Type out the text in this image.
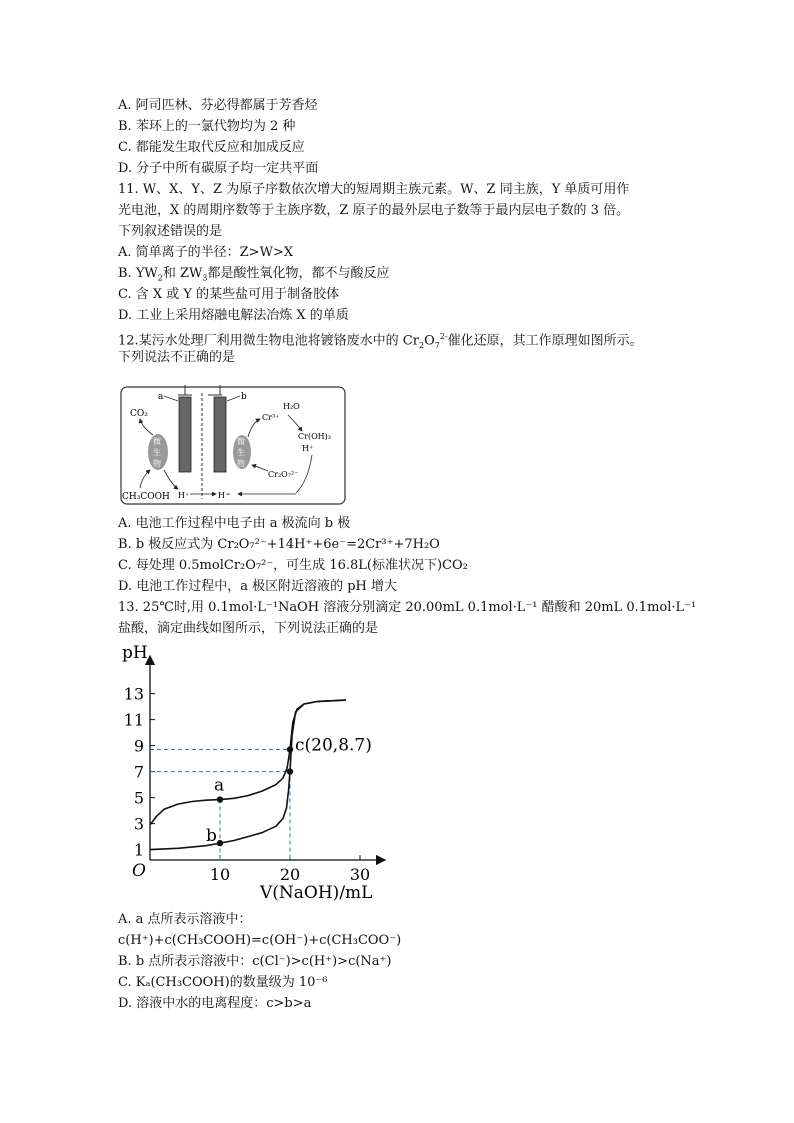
A. 阿司匹林、芬必得都属于芳香烃
B. 苯环上的一氯代物均为 2 种
C. 都能发生取代反应和加成反应
D. 分子中所有碳原子均一定共平面
11. W、X、Y、Z 为原子序数依次增大的短周期主族元素。W、Z 同主族，Y 单质可用作
光电池，X 的周期序数等于主族序数，Z 原子的最外层电子数等于最内层电子数的 3 倍。
下列叙述错误的是
A. 简单离子的半径：Z>W>X
B. $YW_2$和 $ZW_3$都是酸性氧化物，都不与酸反应
C. 含 X 或 Y 的某些盐可用于制备胶体
D. 工业上采用熔融电解法冶炼 X 的单质
12.某污水处理厂利用微生物电池将镀铬废水中的 $Cr_2O_7^{2-}$催化还原，其工作原理如图所示。
下列说法不正确的是
a	b
微
生
物
CO₂
CH₃COOH H⁺	H⁺
微
生
物
Cr³⁺
H₂O
Cr(OH)₃
H⁺
Cr₂O₇²⁻
A. 电池工作过程中电子由 a 极流向 b 极
B. b 极反应式为 Cr₂O₇²⁻+14H⁺+6e⁻=2Cr³⁺+7H₂O
C. 每处理 0.5molCr₂O₇²⁻，可生成 16.8L(标准状况下)CO₂
D. 电池工作过程中，a 极区附近溶液的 pH 增大
13. 25℃时,用 0.1mol·L⁻¹NaOH 溶液分别滴定 20.00mL 0.1mol·L⁻¹ 醋酸和 20mL 0.1mol·L⁻¹
盐酸，滴定曲线如图所示，下列说法正确的是
pH
V(NaOH)/mL
O
1
3
5
7
9
11
13
10	20	30
a
b
c(20,8.7)
A. a 点所表示溶液中：
c(H⁺)+c(CH₃COOH)=c(OH⁻)+c(CH₃COO⁻)
B. b 点所表示溶液中：c(Cl⁻)>c(H⁺)>c(Na⁺)
C. Kₐ(CH₃COOH)的数量级为 10⁻⁶
D. 溶液中水的电离程度：c>b>a
